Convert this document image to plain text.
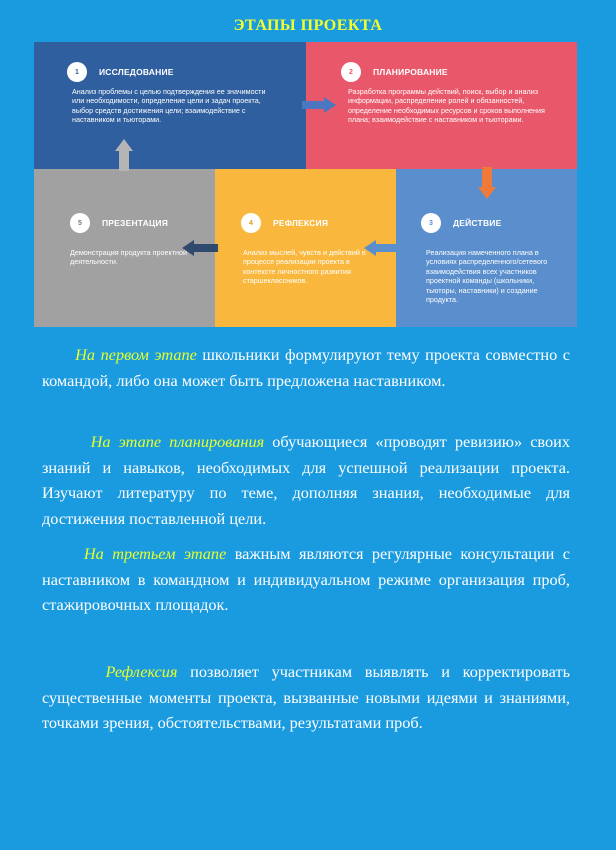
ЭТАПЫ ПРОЕКТА
1	ИССЛЕДОВАНИЕ
Анализ проблемы с целью подтверждения ее значимости или необходимости, определение цели и задач проекта, выбор средств достижения цели; взаимодействие с наставником и тьюторами.
2	ПЛАНИРОВАНИЕ
Разработка программы действий, поиск, выбор и анализ информации, распределение ролей и обязанностей, определение необходимых ресурсов и сроков выполнения плана; взаимодействие с наставником и тьюторами.
5	ПРЕЗЕНТАЦИЯ
Демонстрация продукта проектной деятельности.
4	РЕФЛЕКСИЯ
Анализ мыслей, чувств и действий в процессе реализации проекта в контексте личностного развития старшеклассников.
3	ДЕЙСТВИЕ
Реализация намеченного плана в условиях распределенного/сетевого взаимодействия всех участников проектной команды (школьники, тьюторы, наставники) и создание продукта.

На первом этапе школьники формулируют тему проекта совместно с командой, либо она может быть предложена наставником.

На этапе планирования обучающиеся «проводят ревизию» своих знаний и навыков, необходимых для успешной реализации проекта. Изучают литературу по теме, дополняя знания, необходимые для достижения поставленной цели.

На третьем этапе важным являются регулярные консультации с наставником в командном и индивидуальном режиме организация проб, стажировочных площадок.

Рефлексия позволяет участникам выявлять и корректировать существенные моменты проекта, вызванные новыми идеями и знаниями, точками зрения, обстоятельствами, результатами проб.
